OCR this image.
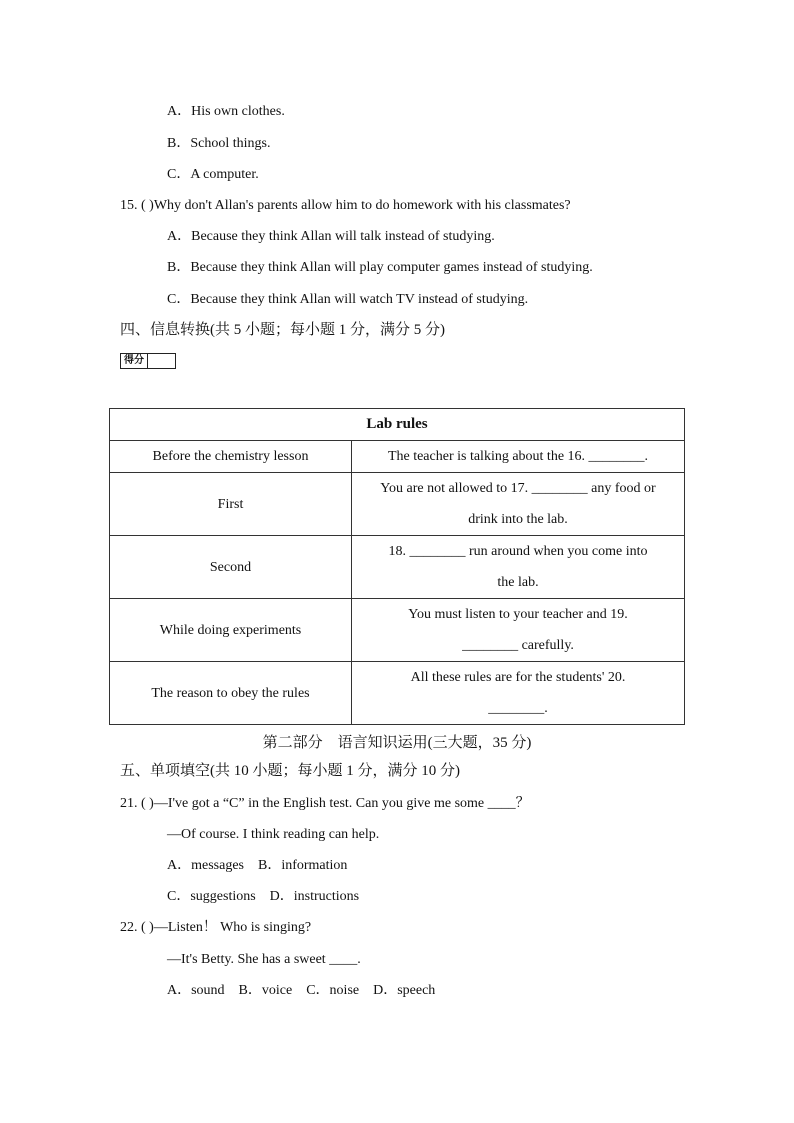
A．His own clothes.
B．School things.
C．A computer.
15. ( )Why don't Allan's parents allow him to do homework with his classmates?
A．Because they think Allan will talk instead of studying.
B．Because they think Allan will play computer games instead of studying.
C．Because they think Allan will watch TV instead of studying.
四、信息转换(共 5 小题；每小题 1 分，满分 5 分)
得分
Lab rules	
Before the chemistry lesson	The teacher is talking about the 16. ________.
First	You are not allowed to 17. ________ any food or
drink into the lab.

Second	18. ________ run around when you come into
the lab.

While doing experiments	You must listen to your teacher and 19.
________ carefully.

The reason to obey the rules	All these rules are for the students' 20.
________.
第二部分　语言知识运用(三大题，35 分)
五、单项填空(共 10 小题；每小题 1 分，满分 10 分)
21. ( )—I've got a “C” in the English test. Can you give me some ____？
—Of course. I think reading can help.
A．messages　B．information
C．suggestions　D．instructions
22. ( )—Listen！ Who is singing?
—It's Betty. She has a sweet ____.
A．sound　B．voice　C．noise　D．speech
